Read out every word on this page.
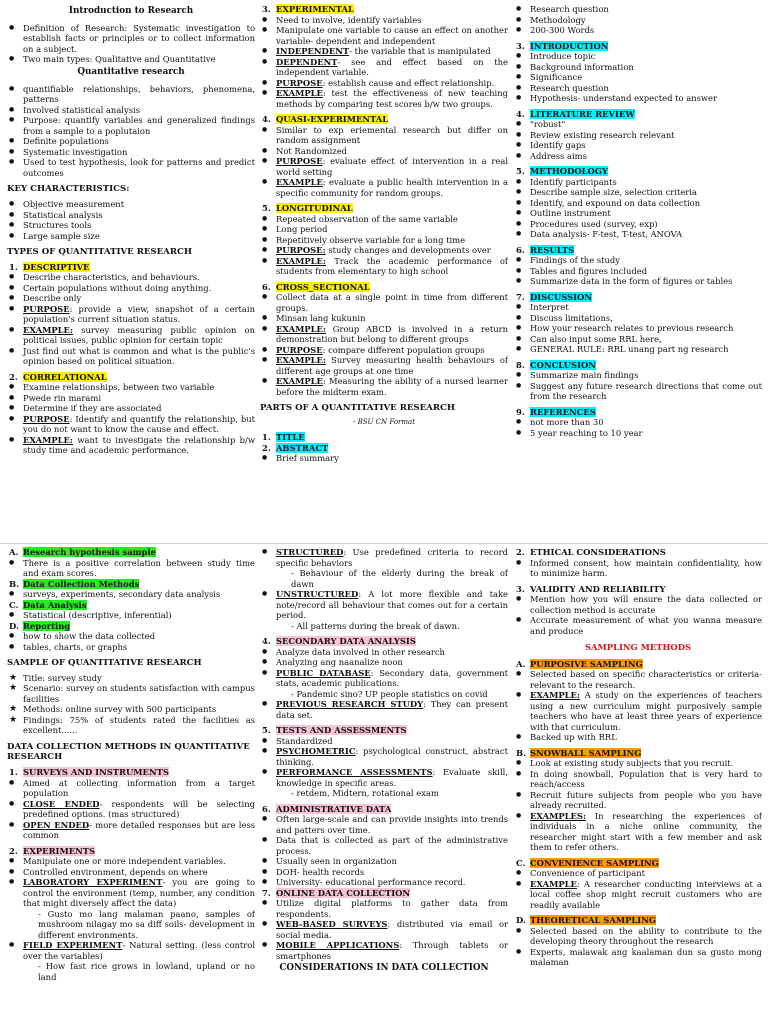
Introduction to Research
● Definition of Research: Systematic investigation to establish facts or principles or to collect information on a subject.
● Two main types: Qualitative and Quantitative
Quantitative research
● quantifiable relationships, behaviors, phenomena, patterns
● Involved statistical analysis
● Purpose: quantify variables and generalized findings from a sample to a poplutaion
● Definite populations
● Systematic investigation
● Used to test hypothesis, look for patterns and predict outcomes
KEY CHARACTERISTICS:
● Objective measurement
● Statistical analysis
● Structures tools
● Large sample size
TYPES OF QUANTITATIVE RESEARCH
1. DESCRIPTIVE
● Describe characteristics, and behaviours.
● Certain populations without doing anything.
● Describe only
● PURPOSE: provide a view, snapshot of a certain population's current situation status.
● EXAMPLE: survey measuring public opinion on political issues, public opinion for certain topic
● Just find out what is common and what is the public's opinion based on political situation.
2. CORRELATIONAL
● Examine relationships, between two variable
● Pwede rin marami
● Determine if they are associated
● PURPOSE: Identify and quantify the relationship, but you do not want to know the cause and effect.
● EXAMPLE: want to investigate the relationship b/w study time and academic performance.
3. EXPERIMENTAL
● Need to involve, identify variables
● Manipulate one variable to cause an effect on another variable- dependent and independent
● INDEPENDENT- the variable that is manipulated
● DEPENDENT- see and effect based on the independent variable.
● PURPOSE: establish cause and effect relationship.
● EXAMPLE: test the effectiveness of new teaching methods by comparing test scores b/w two groups.
4. QUASI-EXPERIMENTAL
● Similar to exp eriemental research but differ on random assignment
● Not Randomized
● PURPOSE: evaluate effect of intervention in a real world setting
● EXAMPLE: evaluate a public health intervention in a specific community for random groups.
5. LONGITUDINAL
● Repeated observation of the same variable
● Long period
● Repetitively observe variable for a long time
● PURPOSE: study changes and developments over
● EXAMPLE: Track the academic performance of students from elementary to high school
6. CROSS_SECTIONAL
● Collect data at a single point in time from different groups.
● Minsan lang kukunin
● EXAMPLE: Group ABCD is involved in a return demonstration but belong to different groups
● PURPOSE: compare different population groups
● EXAMPLE: Survey measuring health behaviours of different age groups at one time
● EXAMPLE: Measuring the ability of a nursed learner before the midterm exam.
PARTS OF A QUANTITATIVE RESEARCH
- BSU CN Format
1. TITLE
2. ABSTRACT
● Brief summary
● Research question
● Methodology
● 200-300 Words
3. INTRODUCTION
● Introduce topic
● Background information
● Significance
● Research question
● Hypothesis- understand expected to answer
4. LITERATURE REVIEW
● "robust"
● Review existing research relevant
● Identify gaps
● Address aims
5. METHODOLOGY
● Identify participants
● Describe sample size, selection criteria
● Identify, and expound on data collection
● Outline instrument
● Procedures used (survey, exp)
● Data analysis- F-test, T-test, ANOVA
6. RESULTS
● Findings of the study
● Tables and figures included
● Summarize data in the form of figures or tables
7. DISCUSSION
● Interpret
● Discuss limitations,
● How your research relates to previous research
● Can also input some RRL here,
● GENERAL RULE: RRL unang part ng research
8. CONCLUSION
● Summarize main findings
● Suggest any future research directions that come out from the research
9. REFERENCES
● not more than 30
● 5 year reaching to 10 year
A. Research hypothesis sample
● There is a positive correlation between study time and exam scores.
B. Data Collection Methods
● surveys, experiments, secondary data analysis
C. Data Analysis
● Statistical (descriptive, inferential)
D. Reporting
● how to show the data collected
● tables, charts, or graphs
SAMPLE OF QUANTITATIVE RESEARCH
★ Title: survey study
★ Scenario: survey on students satisfaction with campus facilities
★ Methods: online survey with 500 participants
★ Findings: 75% of students rated the facilities as excellent......
DATA COLLECTION METHODS IN QUANTITATIVE RESEARCH
1. SURVEYS AND INSTRUMENTS
● Aimed at collecting information from a target population
● CLOSE ENDED- respondents will be selecting predefined options. (mas structured)
● OPEN ENDED- more detailed responses but are less common
2. EXPERIMENTS
● Manipulate one or more independent variables.
● Controlled environment, depends on where
● LABORATORY EXPERIMENT- you are going to control the environment (temp, number, any condition that might diversely affect the data)
- Gusto mo lang malaman paano, samples of mushroom nilagay mo sa diff soils- development in different environments.
● FIELD EXPERIMENT- Natural setting. (less control over the variables)
- How fast rice grows in lowland, upland or no land
● STRUCTURED: Use predefined criteria to record specific behaviors
- Behaviour of the elderly during the break of dawn
● UNSTRUCTURED: A lot more flexible and take note/record all behaviour that comes out for a certain period.
- All patterns during the break of dawn.
4. SECONDARY DATA ANALYSIS
● Analyze data involved in other research
● Analyzing ang naanalize noon
● PUBLIC DATABASE: Secondary data, government stats, academic publications.
- Pandemic sino? UP people statistics on covid
● PREVIOUS RESEARCH STUDY: They can present data set.
5. TESTS AND ASSESSMENTS
● Standardized
● PSYCHOMETRIC: psychological construct, abstract thinking.
● PERFORMANCE ASSESSMENTS: Evaluate skill, knowledge in specific areas.
- retdem, Midtern, rotational exam
6. ADMINISTRATIVE DATA
● Often large-scale and can provide insights into trends and patters over time.
● Data that is collected as part of the administrative process.
● Usually seen in organization
● DOH- health records
● University- educational performance record.
7. ONLINE DATA COLLECTION
● Utilize digital platforms to gather data from respondents.
● WEB-BASED SURVEYS: distributed via email or social media.
● MOBILE APPLICATIONS: Through tablets or smartphones
CONSIDERATIONS IN DATA COLLECTION
2. ETHICAL CONSIDERATIONS
● Informed consent, how maintain confidentiality, how to minimize harm.
3. VALIDITY AND RELIABILITY
● Mention how you will ensure the data collected or collection method is accurate
● Accurate measurement of what you wanna measure and produce
SAMPLING METHODS
A. PURPOSIVE SAMPLING
● Selected based on specific characteristics or criteria-relevant to the research.
● EXAMPLE: A study on the experiences of teachers using a new curriculum might purposively sample teachers who have at least three years of experience with that curriculum.
● Backed up with RRL
B. SNOWBALL SAMPLING
● Look at existing study subjects that you recruit.
● In doing snowball, Population that is very hard to reach/access
● Recruit future subjects from people who you have already recruited.
● EXAMPLES: In researching the experiences of individuals in a niche online community, the researcher might start with a few member and ask them to refer others.
C. CONVENIENCE SAMPLING
● Convenience of participant
● EXAMPLE: A researcher conducting interviews at a local coffee shop might recruit customers who are readily available
D. THEORETICAL SAMPLING
● Selected based on the ability to contribute to the developing theory throughout the research
● Experts, malawak ang kaalaman dun sa gusto mong malaman
